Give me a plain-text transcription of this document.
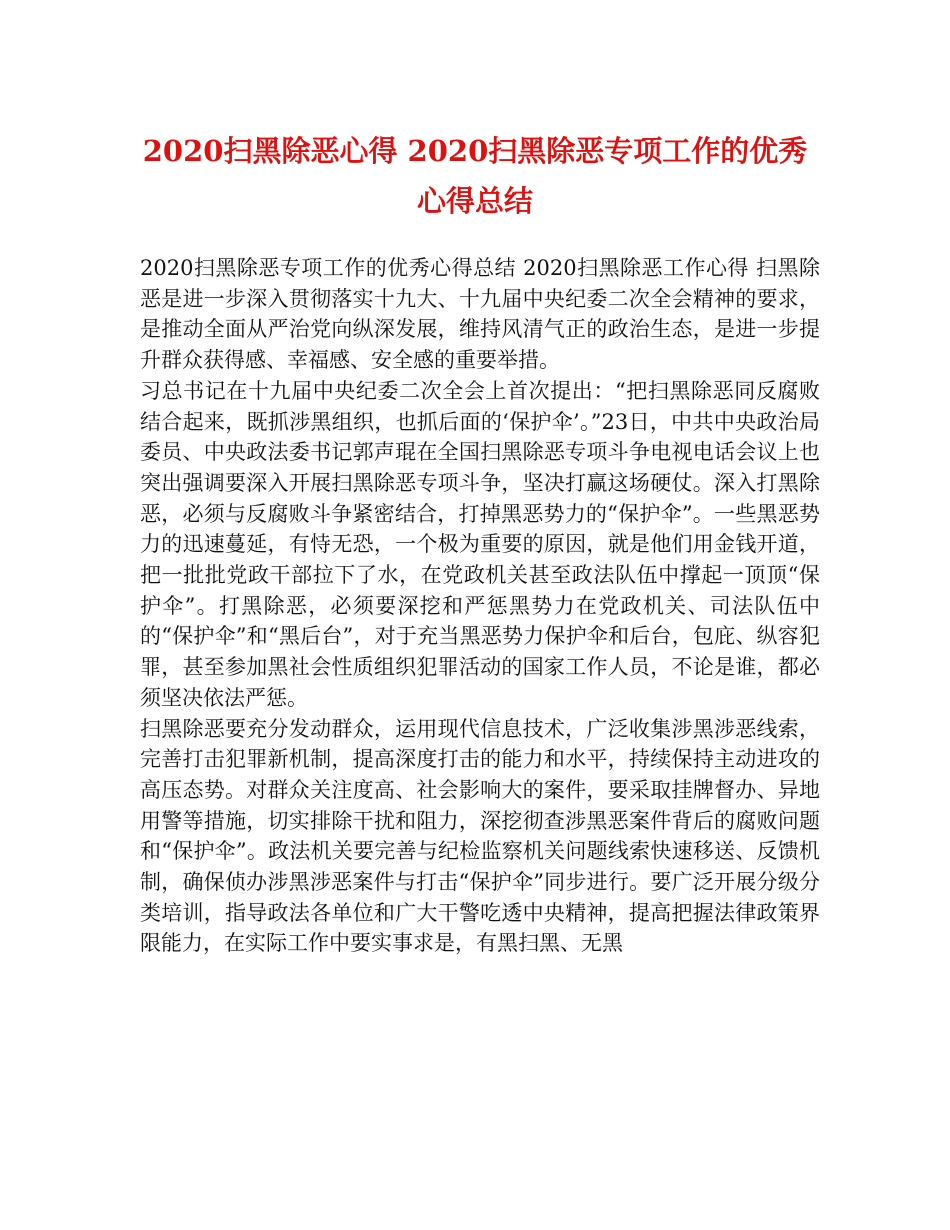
2020扫黑除恶心得 2020扫黑除恶专项工作的优秀心得总结

2020扫黑除恶专项工作的优秀心得总结 2020扫黑除恶工作心得 扫黑除恶是进一步深入贯彻落实十九大、十九届中央纪委二次全会精神的要求，是推动全面从严治党向纵深发展，维持风清气正的政治生态，是进一步提升群众获得感、幸福感、安全感的重要举措。

习总书记在十九届中央纪委二次全会上首次提出：“把扫黑除恶同反腐败结合起来，既抓涉黑组织，也抓后面的‘保护伞’。”23日，中共中央政治局委员、中央政法委书记郭声琨在全国扫黑除恶专项斗争电视电话会议上也突出强调要深入开展扫黑除恶专项斗争，坚决打赢这场硬仗。深入打黑除恶，必须与反腐败斗争紧密结合，打掉黑恶势力的“保护伞”。一些黑恶势力的迅速蔓延，有恃无恐，一个极为重要的原因，就是他们用金钱开道，把一批批党政干部拉下了水，在党政机关甚至政法队伍中撑起一顶顶“保护伞”。打黑除恶，必须要深挖和严惩黑势力在党政机关、司法队伍中的“保护伞”和“黑后台”，对于充当黑恶势力保护伞和后台，包庇、纵容犯罪，甚至参加黑社会性质组织犯罪活动的国家工作人员，不论是谁，都必须坚决依法严惩。

扫黑除恶要充分发动群众，运用现代信息技术，广泛收集涉黑涉恶线索，完善打击犯罪新机制，提高深度打击的能力和水平，持续保持主动进攻的高压态势。对群众关注度高、社会影响大的案件，要采取挂牌督办、异地用警等措施，切实排除干扰和阻力，深挖彻查涉黑恶案件背后的腐败问题和“保护伞”。政法机关要完善与纪检监察机关问题线索快速移送、反馈机制，确保侦办涉黑涉恶案件与打击“保护伞”同步进行。要广泛开展分级分类培训，指导政法各单位和广大干警吃透中央精神，提高把握法律政策界限能力，在实际工作中要实事求是，有黑扫黑、无黑
